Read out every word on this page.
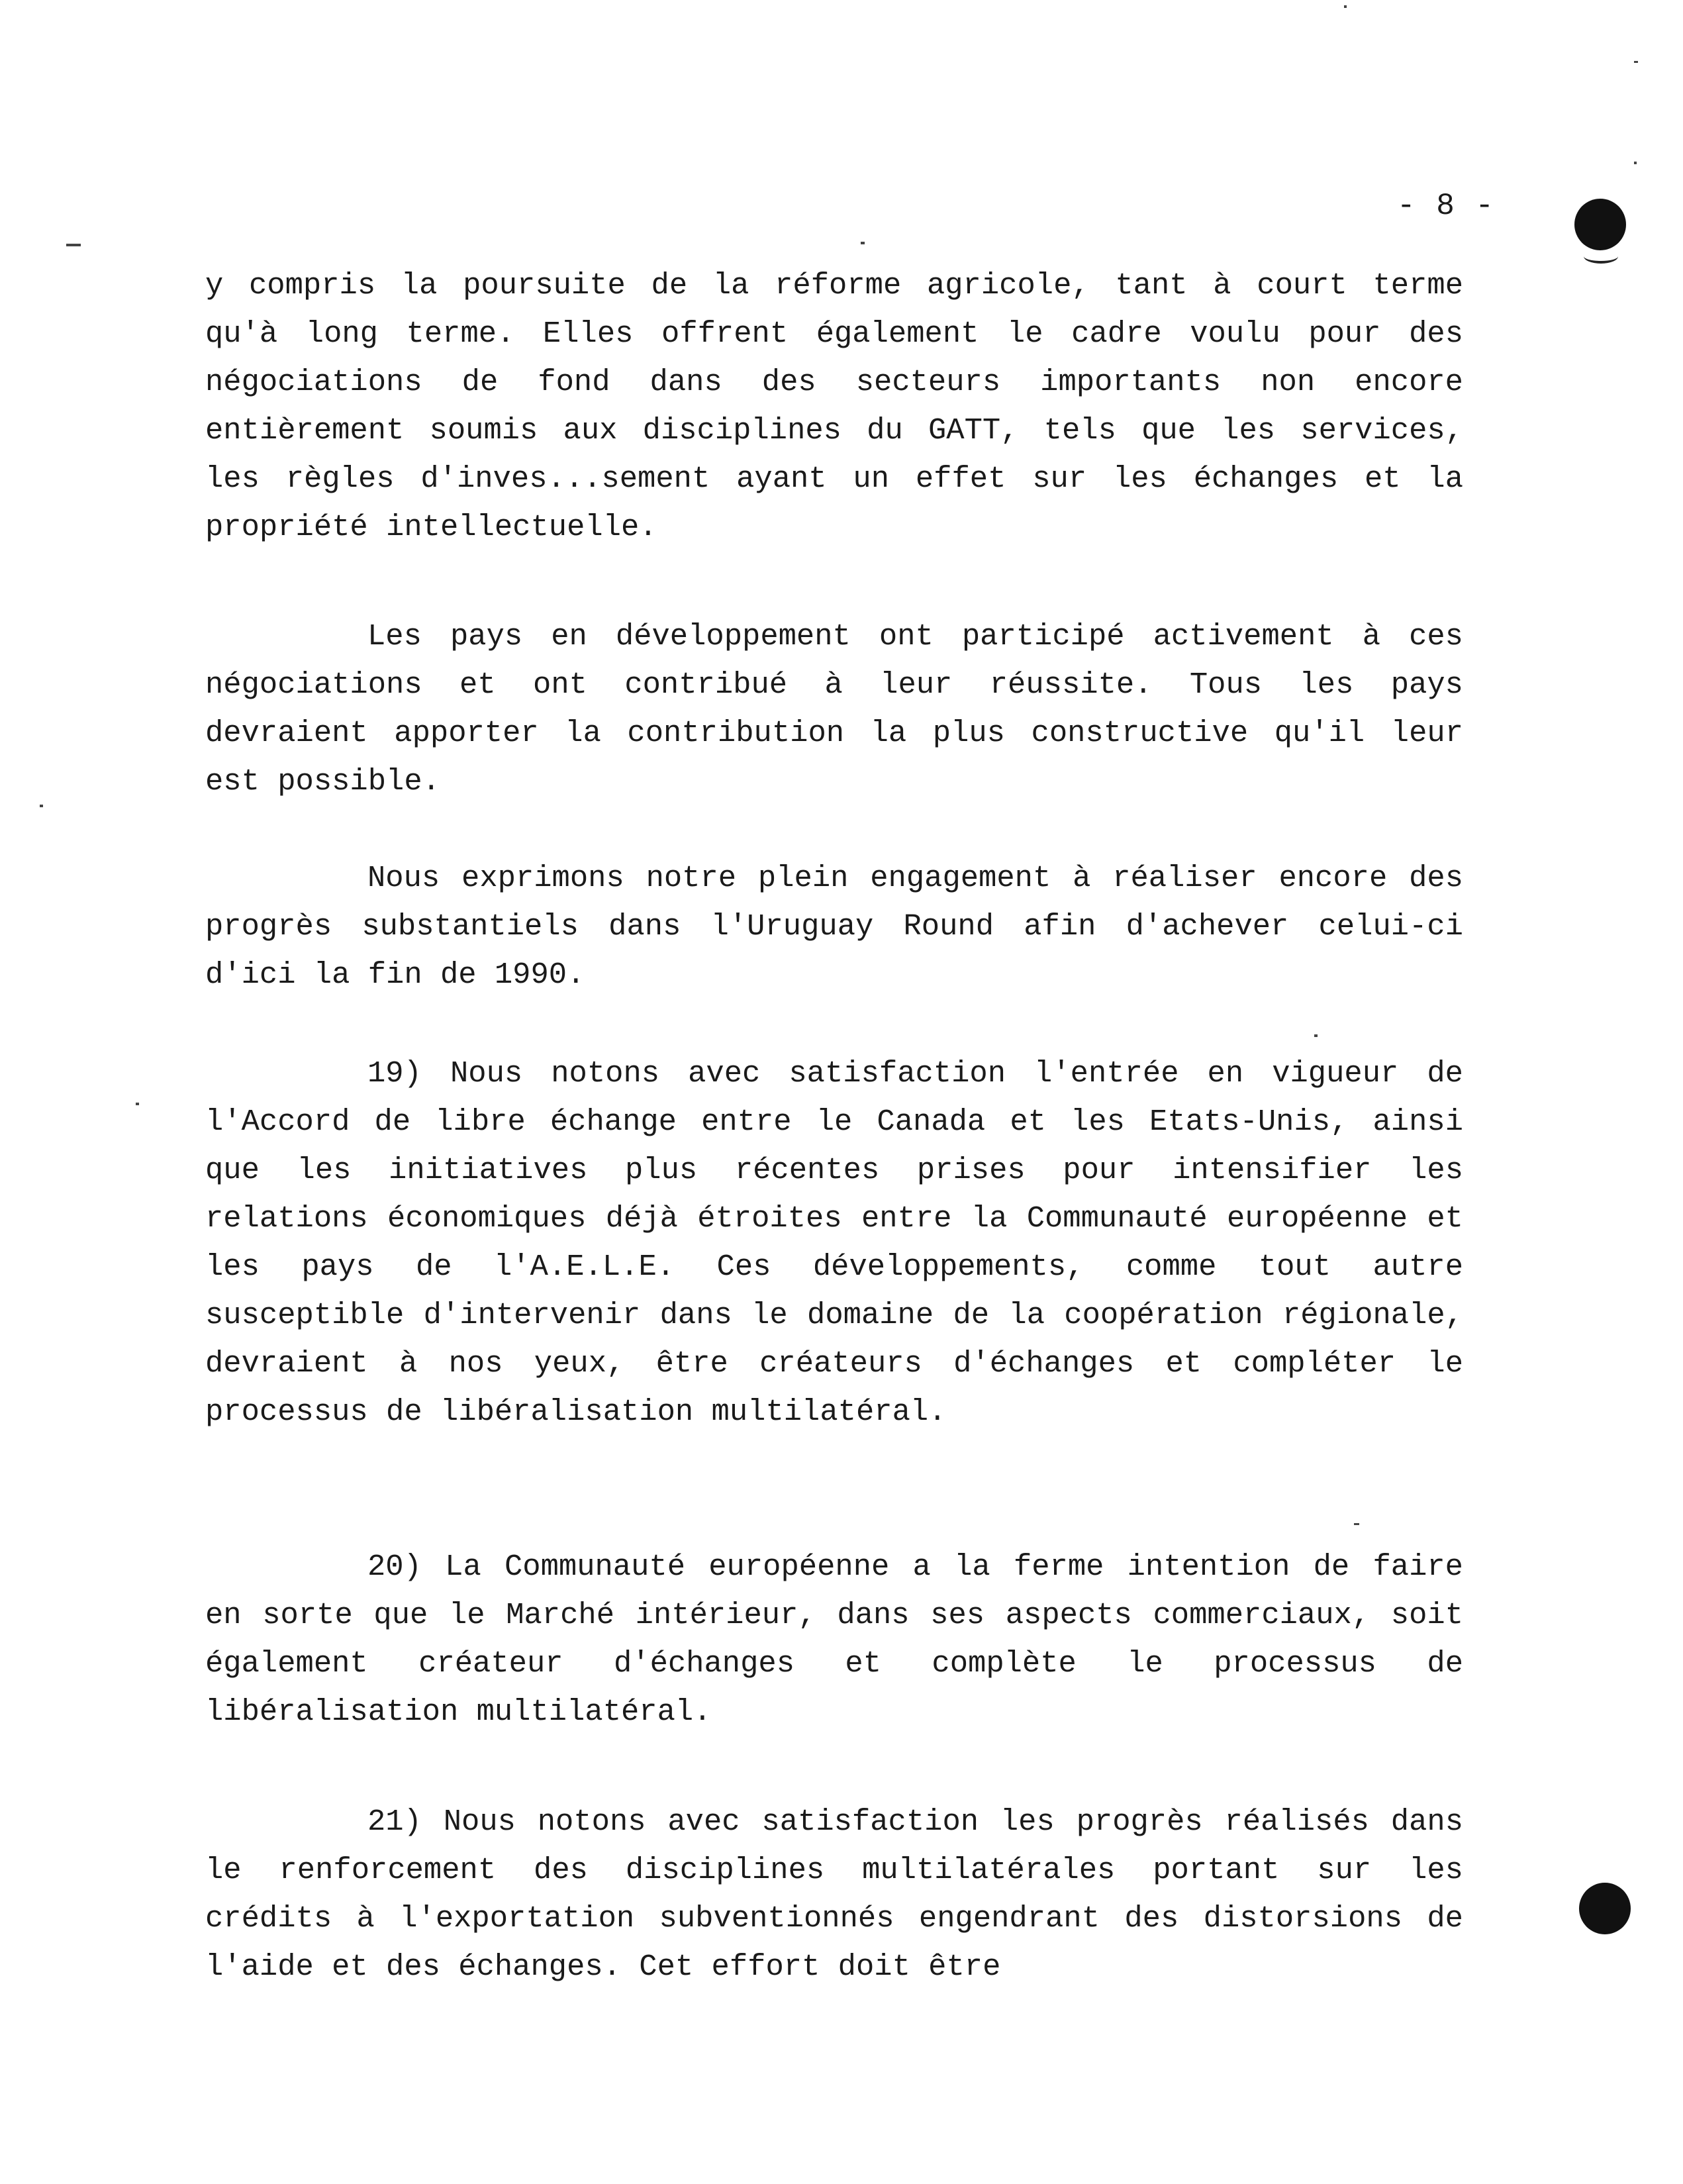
- 8 -

y compris la poursuite de la réforme agricole, tant à court terme qu'à long terme. Elles offrent également le cadre voulu pour des négociations de fond dans des secteurs importants non encore entièrement soumis aux disciplines du GATT, tels que les services, les règles d'inves...sement ayant un effet sur les échanges et la propriété intellectuelle.

Les pays en développement ont participé activement à ces négociations et ont contribué à leur réussite. Tous les pays devraient apporter la contribution la plus constructive qu'il leur est possible.

Nous exprimons notre plein engagement à réaliser encore des progrès substantiels dans l'Uruguay Round afin d'achever celui-ci d'ici la fin de 1990.

19) Nous notons avec satisfaction l'entrée en vigueur de l'Accord de libre échange entre le Canada et les Etats-Unis, ainsi que les initiatives plus récentes prises pour intensifier les relations économiques déjà étroites entre la Communauté européenne et les pays de l'A.E.L.E. Ces développements, comme tout autre susceptible d'intervenir dans le domaine de la coopération régionale, devraient à nos yeux, être créateurs d'échanges et compléter le processus de libéralisation multilatéral.

20) La Communauté européenne a la ferme intention de faire en sorte que le Marché intérieur, dans ses aspects commerciaux, soit également créateur d'échanges et complète le processus de libéralisation multilatéral.

21) Nous notons avec satisfaction les progrès réalisés dans le renforcement des disciplines multilatérales portant sur les crédits à l'exportation subventionnés engendrant des distorsions de l'aide et des échanges. Cet effort doit être
